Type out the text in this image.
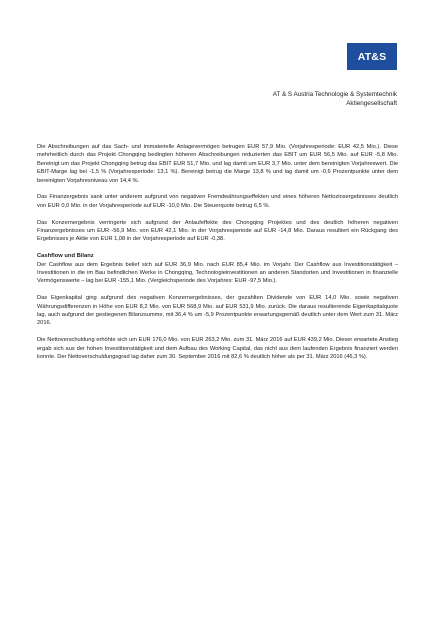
AT&S
AT & S Austria Technologie & Systemtechnik
Aktiengesellschaft

Die Abschreibungen auf das Sach- und immaterielle Anlagevermögen betrugen EUR 57,9 Mio. (Vorjahresperiode: EUR 42,5 Mio.). Diese mehrheitlich durch das Projekt Chongqing bedingten höheren Abschreibungen reduzierten das EBIT um EUR 56,5 Mio. auf EUR -5,8 Mio. Bereinigt um das Projekt Chongqing betrug das EBIT EUR 51,7 Mio. und lag damit um EUR 3,7 Mio. unter dem bereinigten Vorjahreswert. Die EBIT-Marge lag bei -1,5 % (Vorjahresperiode: 13,1 %). Bereinigt betrug die Marge 13,8 % und lag damit um -0,6 Prozentpunkte unter dem bereinigten Vorjahresniveau von 14,4 %.

Das Finanzergebnis sank unter anderem aufgrund von negativen Fremdwährungseffekten und eines höheren Nettozinsergebnisses deutlich von EUR 0,0 Mio. in der Vorjahresperiode auf EUR -10,0 Mio. Die Steuerquote betrug 6,5 %.

Das Konzernergebnis verringerte sich aufgrund der Anlaufeffekte des Chongqing Projektes und des deutlich höheren negativen Finanzergebnisses um EUR -56,9 Mio. von EUR 42,1 Mio. in der Vorjahresperiode auf EUR -14,8 Mio. Daraus resultiert ein Rückgang des Ergebnisses je Aktie von EUR 1,08 in der Vorjahresperiode auf EUR -0,38.

Cashflow und Bilanz

Der Cashflow aus dem Ergebnis belief sich auf EUR 36,9 Mio. nach EUR 85,4 Mio. im Vorjahr. Der Cashflow aus Investitionstätigkeit – Investitionen in die im Bau befindlichen Werke in Chongqing, Technologieinvestitionen an anderen Standorten und Investitionen in finanzielle Vermögenswerte – lag bei EUR -155,1 Mio. (Vergleichsperiode des Vorjahres: EUR -97,5 Mio.).

Das Eigenkapital ging aufgrund des negativen Konzernergebnisses, der gezahlten Dividende von EUR 14,0 Mio. sowie negativen Währungsdifferenzen in Höhe von EUR 8,2 Mio. von EUR 568,9 Mio. auf EUR 531,9 Mio. zurück. Die daraus resultierende Eigenkapitalquote lag, auch aufgrund der gestiegenen Bilanzsumme, mit 36,4 % um -5,9 Prozentpunkte erwartungsgemäß deutlich unter dem Wert zum 31. März 2016.

Die Nettoverschuldung erhöhte sich um EUR 176,0 Mio. von EUR 263,2 Mio. zum 31. März 2016 auf EUR 439,2 Mio. Dieser erwartete Anstieg ergab sich aus der hohen Investitionstätigkeit und dem Aufbau des Working Capital, das nicht aus dem laufenden Ergebnis finanziert werden konnte. Der Nettoverschuldungsgrad lag daher zum 30. September 2016 mit 82,6 % deutlich höher als per 31. März 2016 (46,3 %).
